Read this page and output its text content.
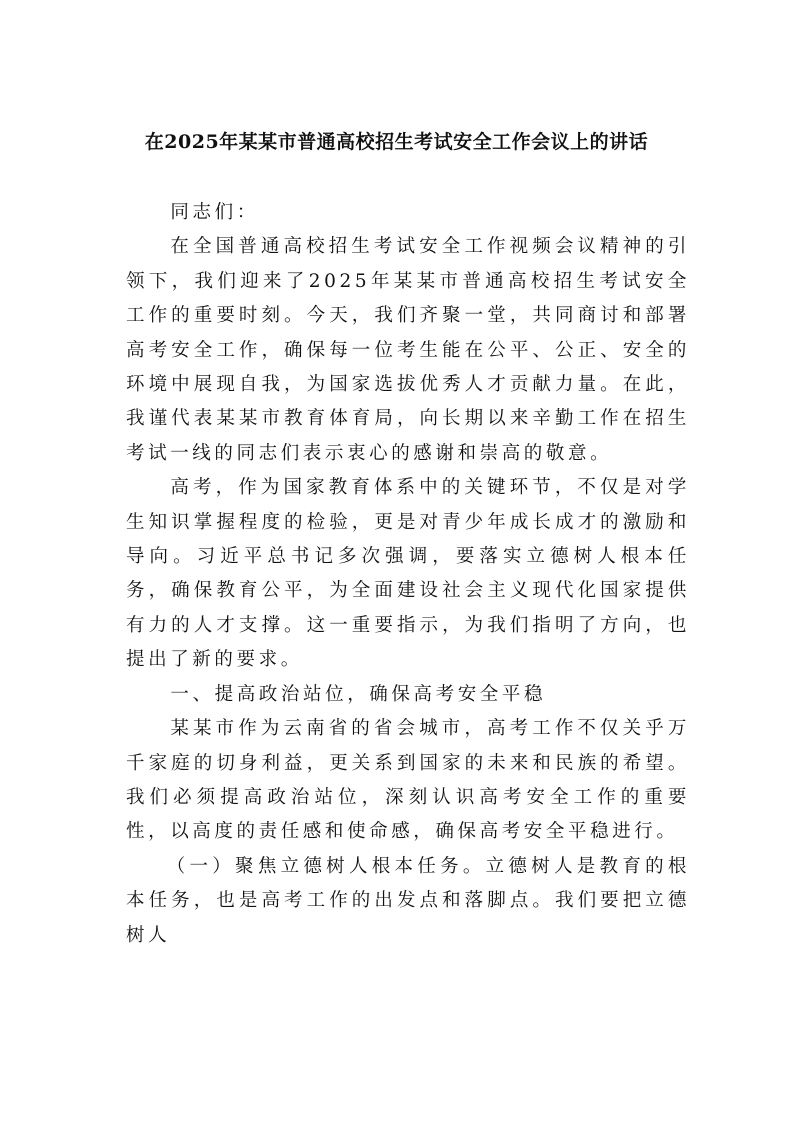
在2025年某某市普通高校招生考试安全工作会议上的讲话

同志们：

在全国普通高校招生考试安全工作视频会议精神的引领下，我们迎来了2025年某某市普通高校招生考试安全工作的重要时刻。今天，我们齐聚一堂，共同商讨和部署高考安全工作，确保每一位考生能在公平、公正、安全的环境中展现自我，为国家选拔优秀人才贡献力量。在此，我谨代表某某市教育体育局，向长期以来辛勤工作在招生考试一线的同志们表示衷心的感谢和崇高的敬意。

高考，作为国家教育体系中的关键环节，不仅是对学生知识掌握程度的检验，更是对青少年成长成才的激励和导向。习近平总书记多次强调，要落实立德树人根本任务，确保教育公平，为全面建设社会主义现代化国家提供有力的人才支撑。这一重要指示，为我们指明了方向，也提出了新的要求。

一、提高政治站位，确保高考安全平稳

某某市作为云南省的省会城市，高考工作不仅关乎万千家庭的切身利益，更关系到国家的未来和民族的希望。我们必须提高政治站位，深刻认识高考安全工作的重要性，以高度的责任感和使命感，确保高考安全平稳进行。

（一）聚焦立德树人根本任务。立德树人是教育的根本任务，也是高考工作的出发点和落脚点。我们要把立德树人
